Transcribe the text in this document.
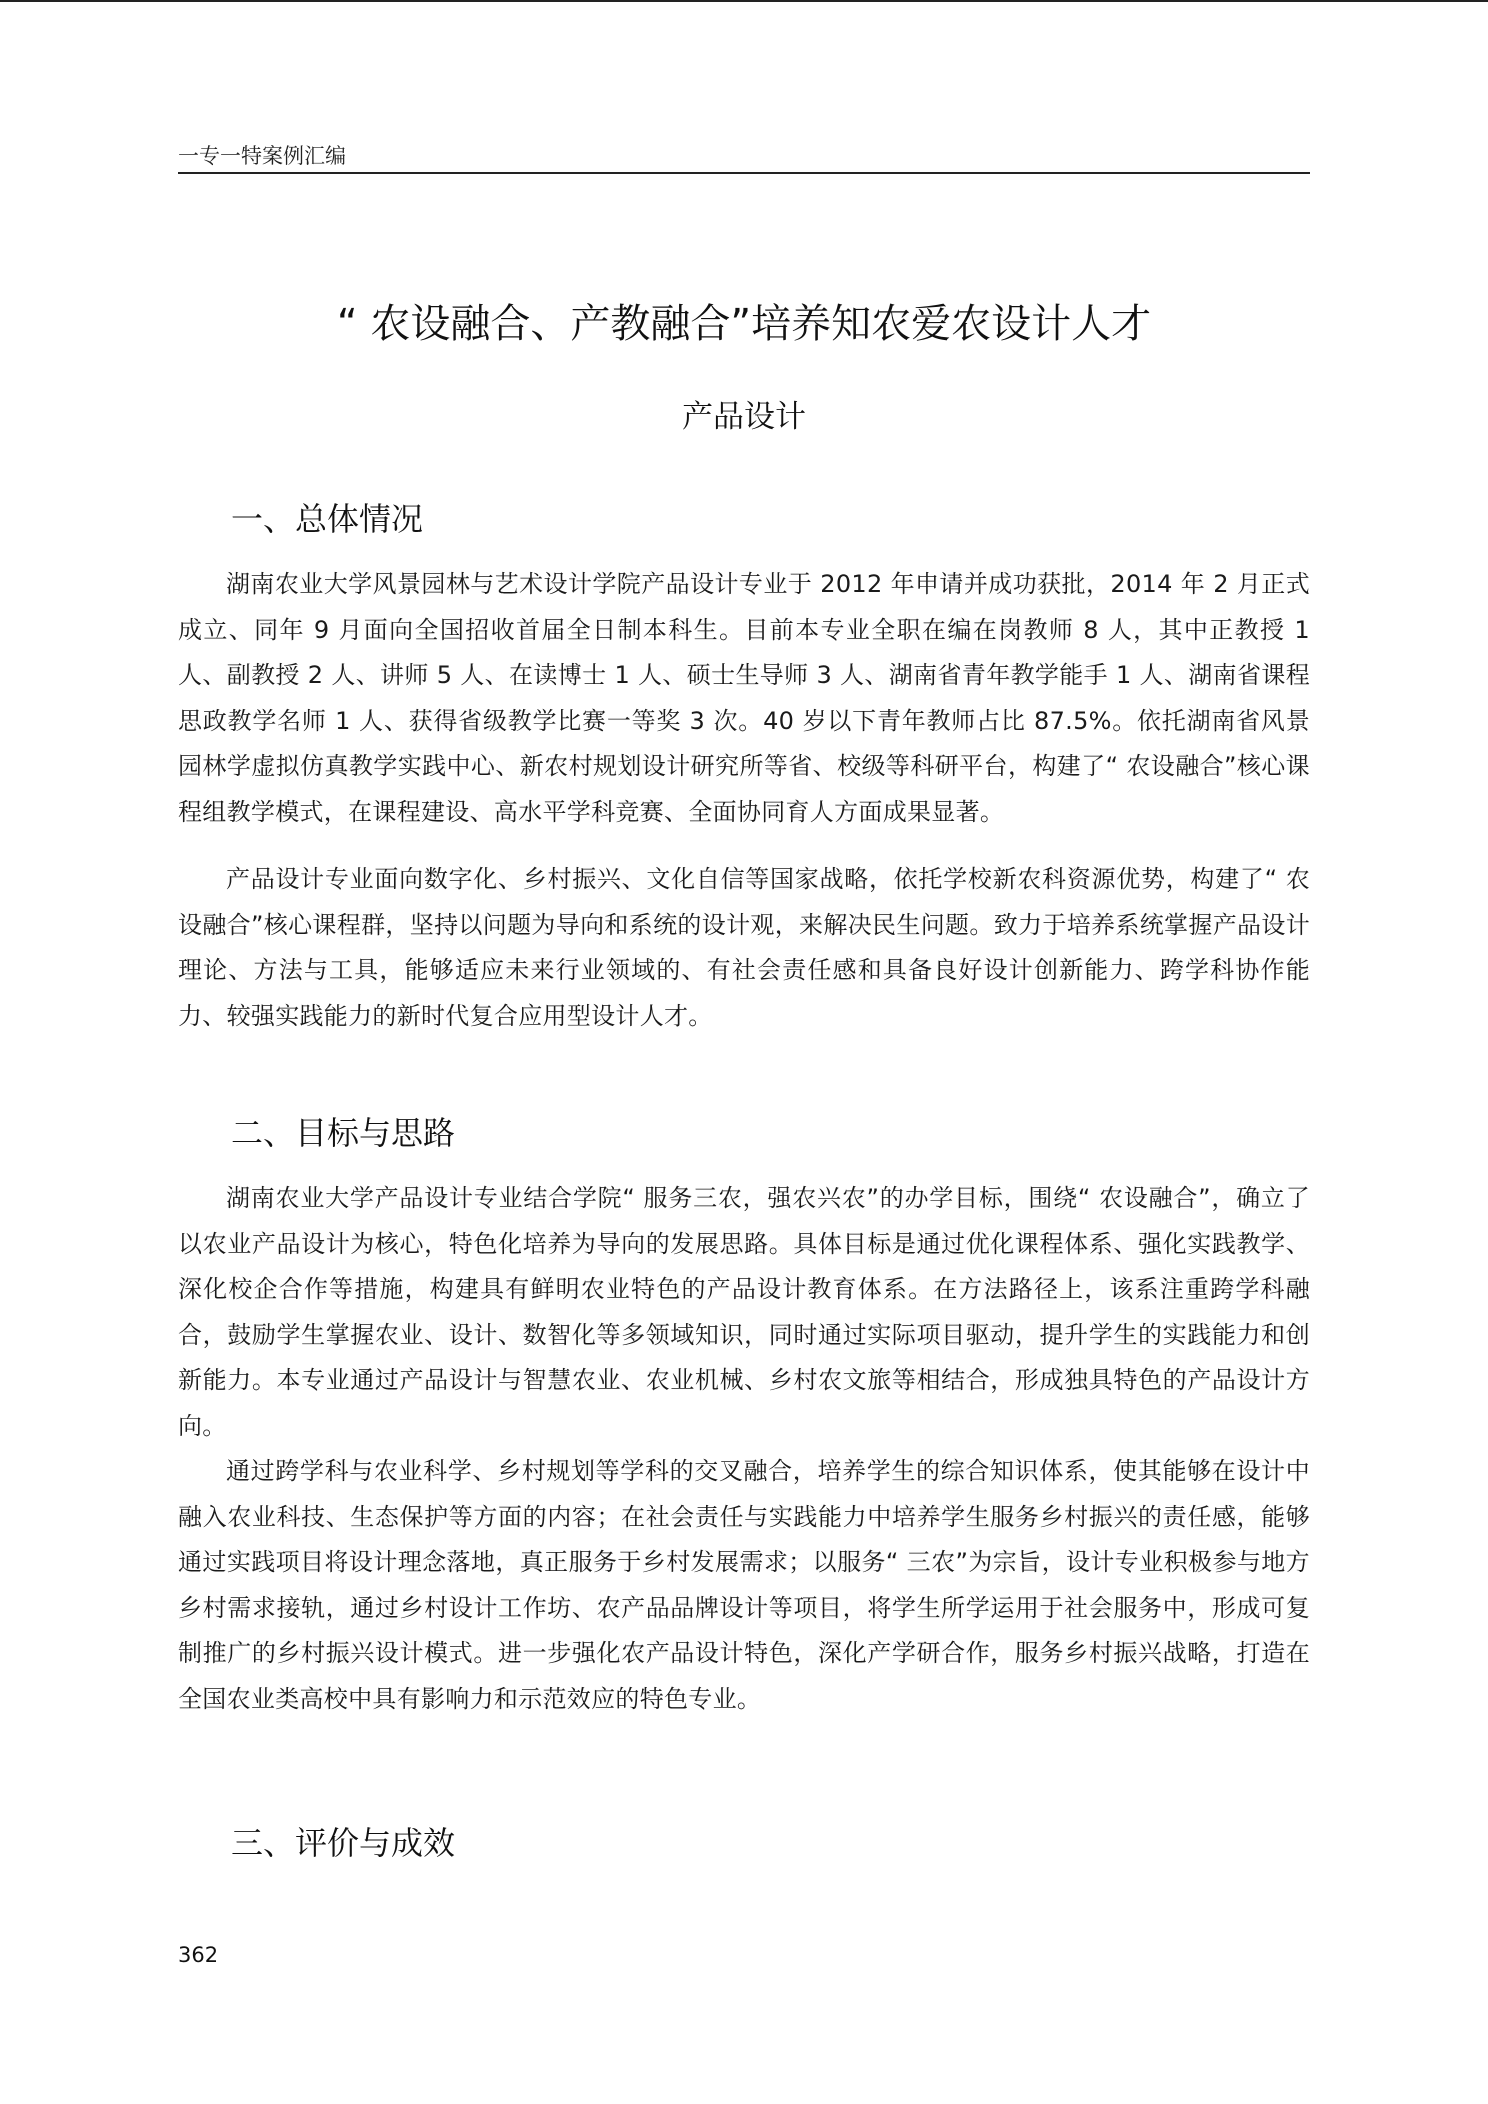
一专一特案例汇编
“ 农设融合、产教融合”培养知农爱农设计人才
产品设计
一、总体情况

湖南农业大学风景园林与艺术设计学院产品设计专业于 2012 年申请并成功获批，2014 年 2 月正式成立、同年 9 月面向全国招收首届全日制本科生。目前本专业全职在编在岗教师 8 人，其中正教授 1 人、副教授 2 人、讲师 5 人、在读博士 1 人、硕士生导师 3 人、湖南省青年教学能手 1 人、湖南省课程思政教学名师 1 人、获得省级教学比赛一等奖 3 次。40 岁以下青年教师占比 87.5%。依托湖南省风景园林学虚拟仿真教学实践中心、新农村规划设计研究所等省、校级等科研平台，构建了“ 农设融合”核心课程组教学模式，在课程建设、高水平学科竞赛、全面协同育人方面成果显著。

产品设计专业面向数字化、乡村振兴、文化自信等国家战略，依托学校新农科资源优势，构建了“ 农设融合”核心课程群，坚持以问题为导向和系统的设计观，来解决民生问题。致力于培养系统掌握产品设计理论、方法与工具，能够适应未来行业领域的、有社会责任感和具备良好设计创新能力、跨学科协作能力、较强实践能力的新时代复合应用型设计人才。

二、目标与思路

湖南农业大学产品设计专业结合学院“ 服务三农，强农兴农”的办学目标，围绕“ 农设融合”，确立了以农业产品设计为核心，特色化培养为导向的发展思路。具体目标是通过优化课程体系、强化实践教学、深化校企合作等措施，构建具有鲜明农业特色的产品设计教育体系。在方法路径上，该系注重跨学科融合，鼓励学生掌握农业、设计、数智化等多领域知识，同时通过实际项目驱动，提升学生的实践能力和创新能力。本专业通过产品设计与智慧农业、农业机械、乡村农文旅等相结合，形成独具特色的产品设计方向。

通过跨学科与农业科学、乡村规划等学科的交叉融合，培养学生的综合知识体系，使其能够在设计中融入农业科技、生态保护等方面的内容；在社会责任与实践能力中培养学生服务乡村振兴的责任感，能够通过实践项目将设计理念落地，真正服务于乡村发展需求；以服务“ 三农”为宗旨，设计专业积极参与地方乡村需求接轨，通过乡村设计工作坊、农产品品牌设计等项目，将学生所学运用于社会服务中，形成可复制推广的乡村振兴设计模式。进一步强化农产品设计特色，深化产学研合作，服务乡村振兴战略，打造在全国农业类高校中具有影响力和示范效应的特色专业。

三、评价与成效
362
